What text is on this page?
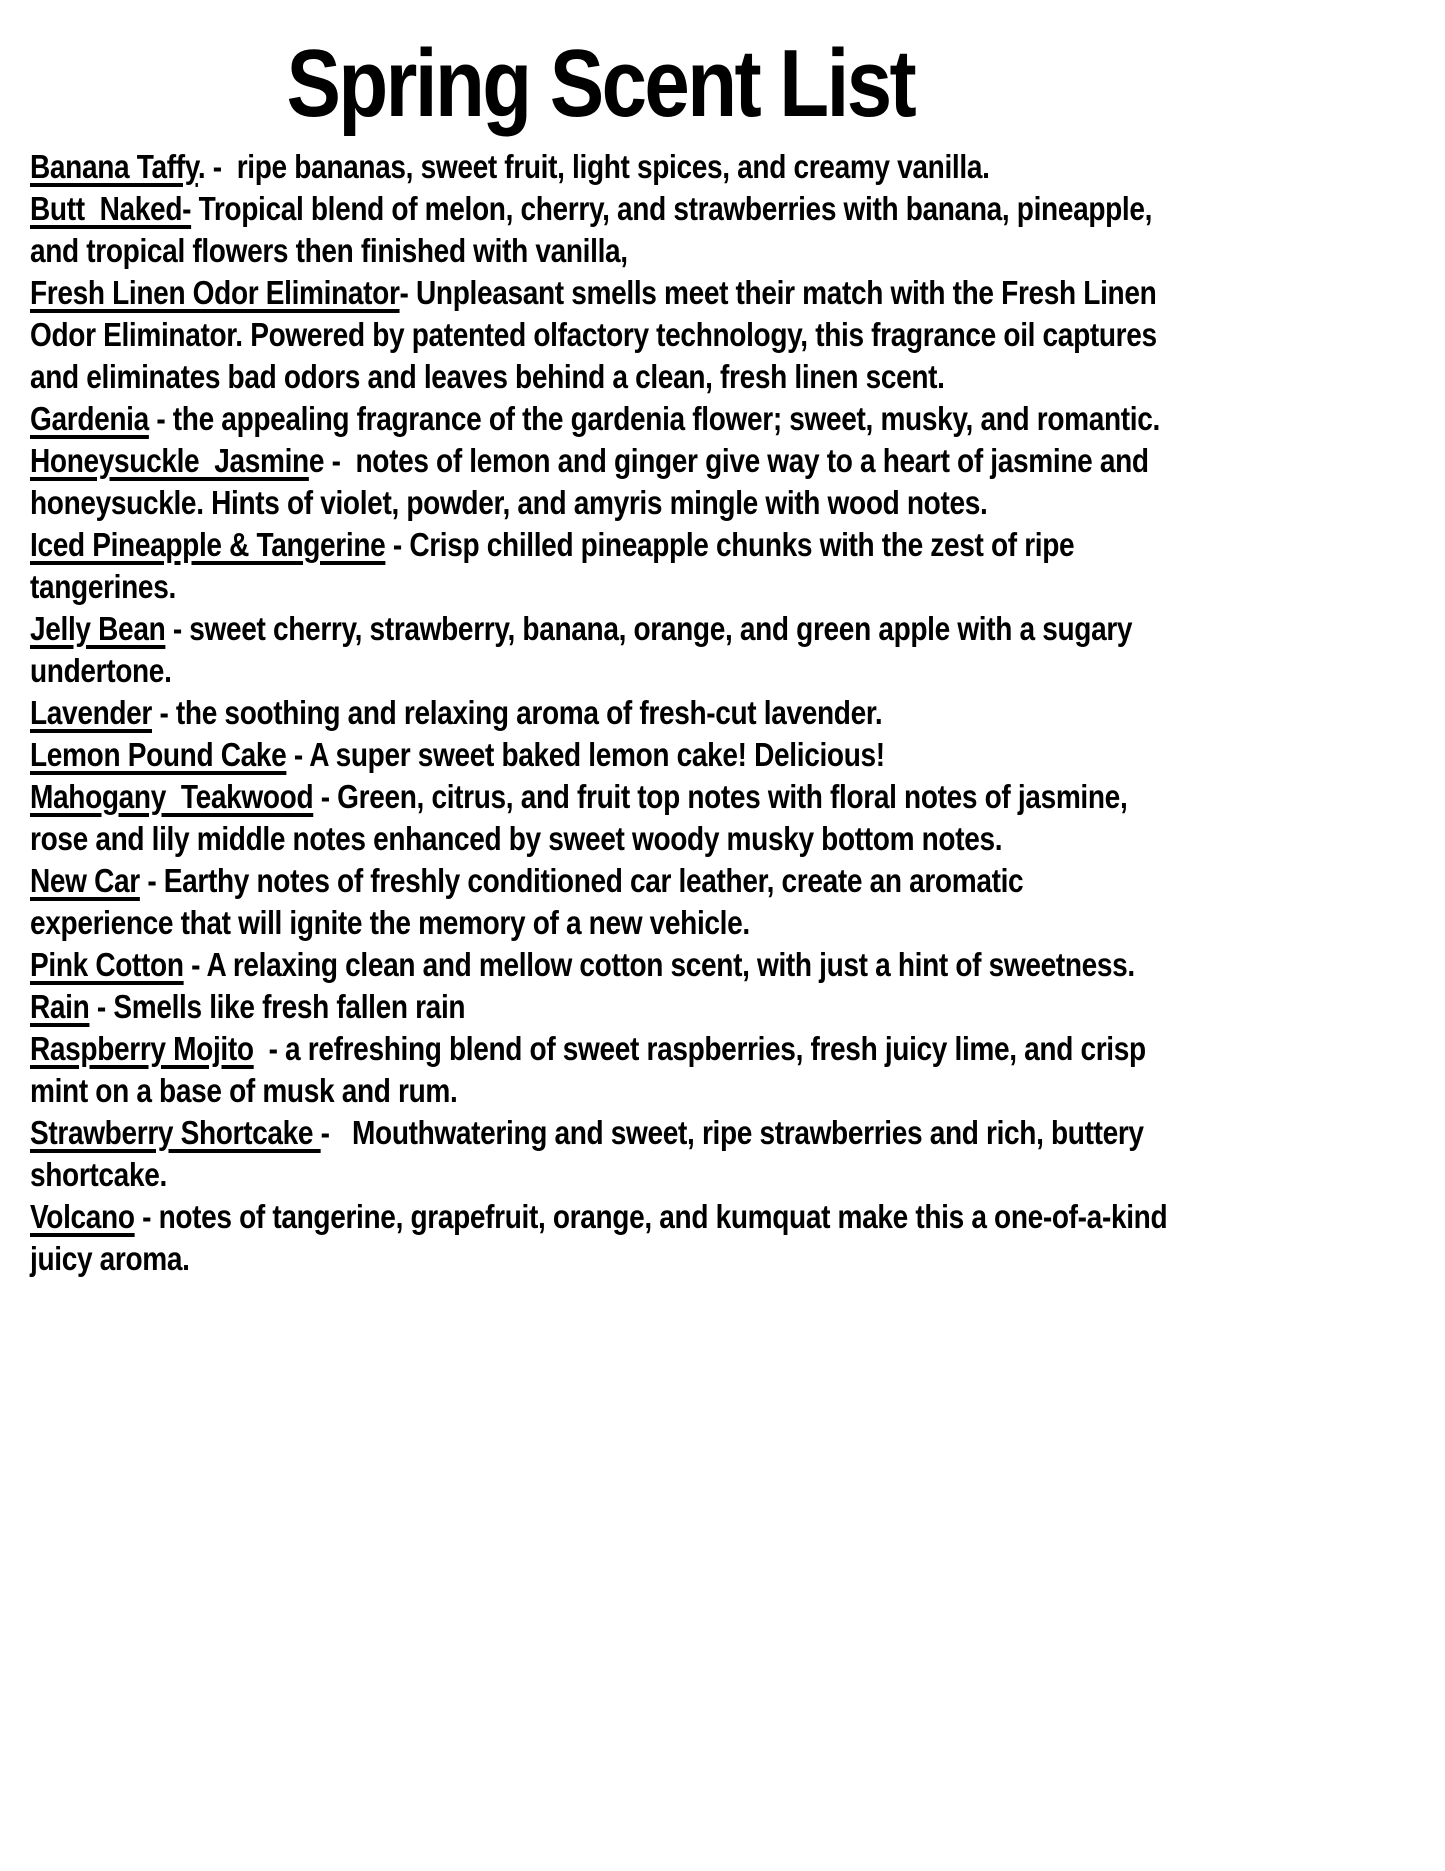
Spring Scent List

Banana Taffy. -  ripe bananas, sweet fruit, light spices, and creamy vanilla.

Butt  Naked- Tropical blend of melon, cherry, and strawberries with banana, pineapple, and tropical flowers then finished with vanilla,

Fresh Linen Odor Eliminator- Unpleasant smells meet their match with the Fresh Linen Odor Eliminator. Powered by patented olfactory technology, this fragrance oil captures and eliminates bad odors and leaves behind a clean, fresh linen scent.

Gardenia - the appealing fragrance of the gardenia flower; sweet, musky, and romantic.

Honeysuckle  Jasmine -  notes of lemon and ginger give way to a heart of jasmine and honeysuckle. Hints of violet, powder, and amyris mingle with wood notes.

Iced Pineapple & Tangerine - Crisp chilled pineapple chunks with the zest of ripe tangerines.

Jelly Bean - sweet cherry, strawberry, banana, orange, and green apple with a sugary undertone.

Lavender - the soothing and relaxing aroma of fresh-cut lavender.

Lemon Pound Cake - A super sweet baked lemon cake! Delicious!

Mahogany  Teakwood - Green, citrus, and fruit top notes with floral notes of jasmine, rose and lily middle notes enhanced by sweet woody musky bottom notes.

New Car - Earthy notes of freshly conditioned car leather, create an aromatic experience that will ignite the memory of a new vehicle.

Pink Cotton - A relaxing clean and mellow cotton scent, with just a hint of sweetness.

Rain - Smells like fresh fallen rain

Raspberry Mojito  - a refreshing blend of sweet raspberries, fresh juicy lime, and crisp mint on a base of musk and rum.

Strawberry Shortcake -   Mouthwatering and sweet, ripe strawberries and rich, buttery shortcake.

Volcano - notes of tangerine, grapefruit, orange, and kumquat make this a one-of-a-kind juicy aroma.
